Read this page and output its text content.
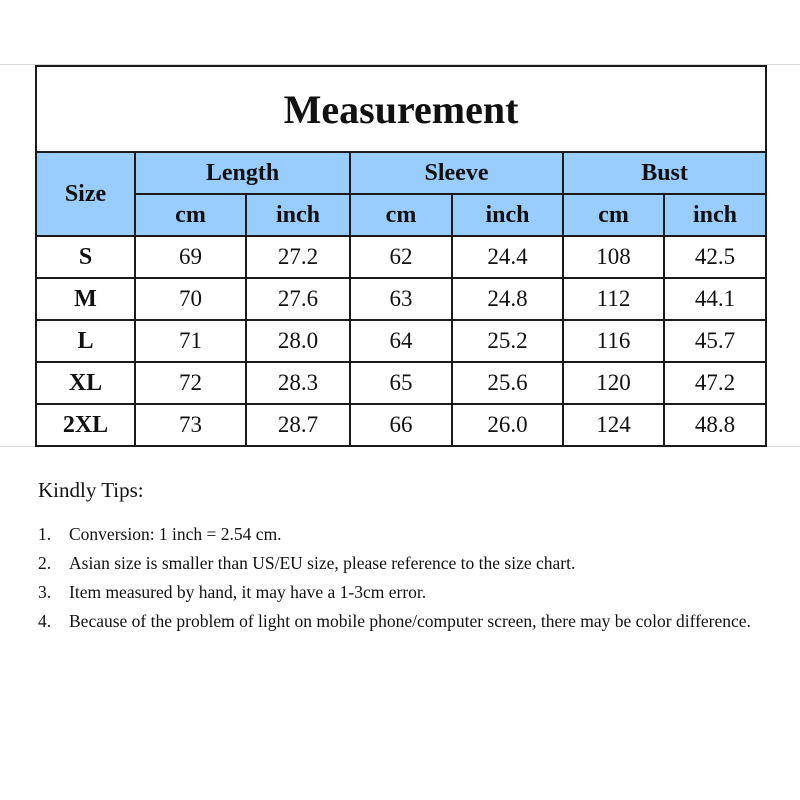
Measurement						
Size	Length		Sleeve		Bust	
	cm	inch	cm	inch	cm	inch
S	69	27.2	62	24.4	108	42.5
M	70	27.6	63	24.8	112	44.1
L	71	28.0	64	25.2	116	45.7
XL	72	28.3	65	25.6	120	47.2
2XL	73	28.7	66	26.0	124	48.8
Kindly Tips:
1.	Conversion: 1 inch = 2.54 cm.
2.	Asian size is smaller than US/EU size, please reference to the size chart.
3.	Item measured by hand, it may have a 1-3cm error.
4.	Because of the problem of light on mobile phone/computer screen, there may be color difference.
